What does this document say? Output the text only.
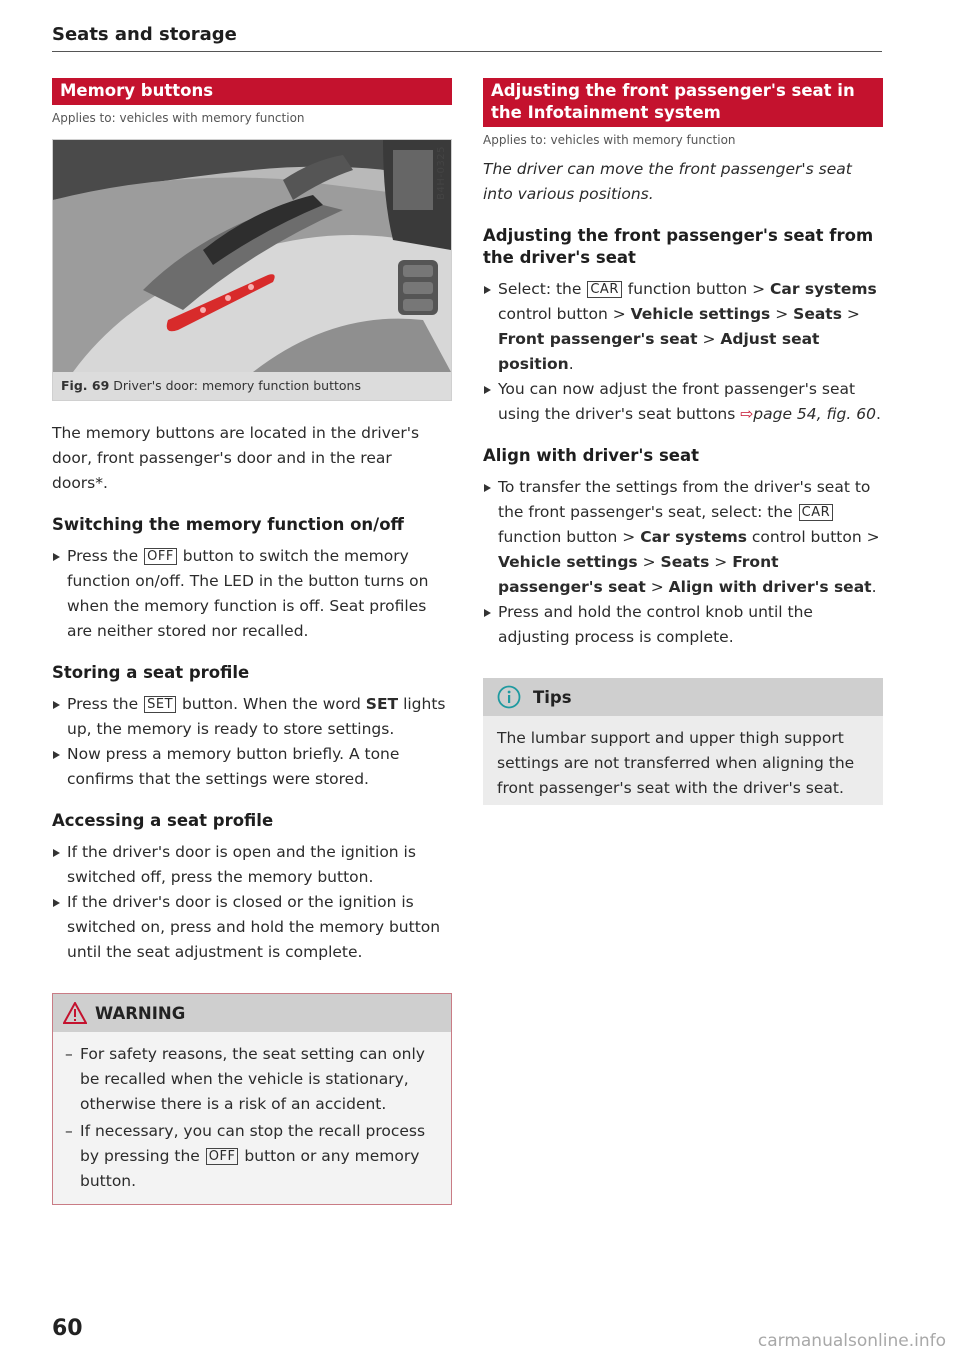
Seats and storage
Memory buttons
Applies to: vehicles with memory function
B4H-0325
Fig. 69 Driver's door: memory function buttons

The memory buttons are located in the driver's door, front passenger's door and in the rear doors*.

Switching the memory function on/off
Press the OFF button to switch the memory function on/off. The LED in the button turns on when the memory function is off. Seat profiles are neither stored nor recalled.
Storing a seat profile
Press the SET button. When the word SET lights up, the memory is ready to store settings.
Now press a memory button briefly. A tone confirms that the settings were stored.
Accessing a seat profile
If the driver's door is open and the ignition is switched off, press the memory button.
If the driver's door is closed or the ignition is switched on, press and hold the memory button until the seat adjustment is complete.
WARNING
– For safety reasons, the seat setting can only be recalled when the vehicle is stationary, otherwise there is a risk of an accident.
– If necessary, you can stop the recall process by pressing the OFF button or any memory button.
Adjusting the front passenger's seat in the Infotainment system
Applies to: vehicles with memory function

The driver can move the front passenger's seat into various positions.

Adjusting the front passenger's seat from the driver's seat
Select: the CAR function button > Car systems control button > Vehicle settings > Seats > Front passenger's seat > Adjust seat position.
You can now adjust the front passenger's seat using the driver's seat buttons ⇨page 54, fig. 60.
Align with driver's seat
To transfer the settings from the driver's seat to the front passenger's seat, select: the CAR function button > Car systems control button > Vehicle settings > Seats > Front passenger's seat > Align with driver's seat.
Press and hold the control knob until the adjusting process is complete.
Tips
The lumbar support and upper thigh support settings are not transferred when aligning the front passenger's seat with the driver's seat.
60	carmanualsonline.info
